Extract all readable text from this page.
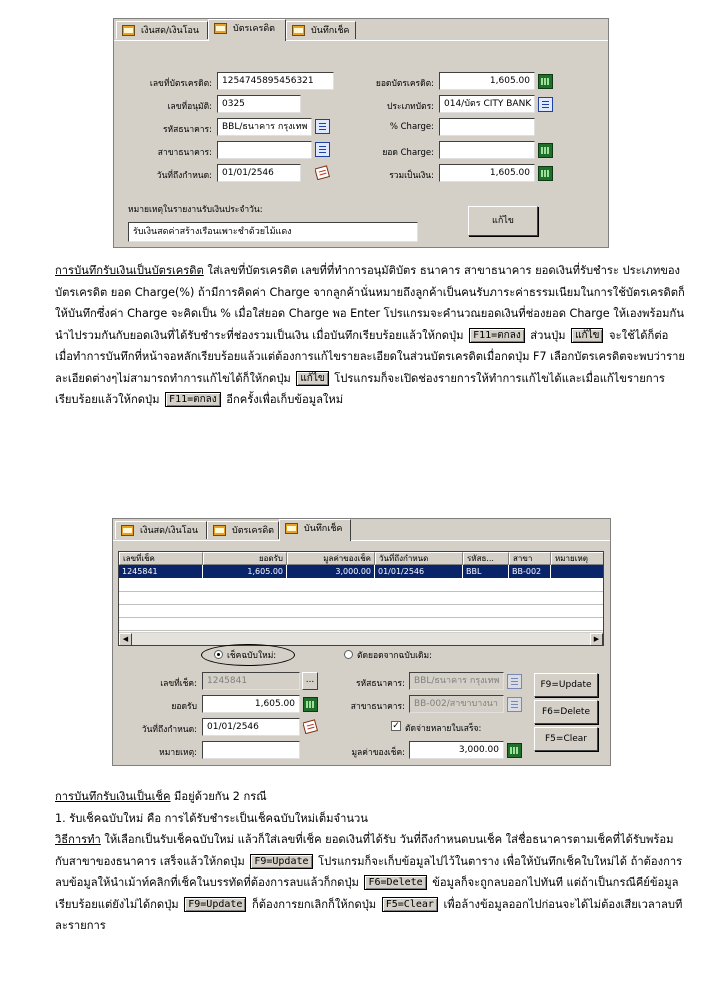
เงินสด/เงินโอน	บัตรเครดิต	บันทึกเช็ค
เลขที่บัตรเครดิต:	1254745895456321
เลขที่อนุมัติ:	0325
รหัสธนาคาร:	BBL/ธนาคาร กรุงเทพ
สาขาธนาคาร:
วันที่ถึงกำหนด:	01/01/2546
ยอดบัตรเครดิต:	1,605.00
ประเภทบัตร:	014/บัตร CITY BANK
% Charge:
ยอด Charge:
รวมเป็นเงิน:	1,605.00
หมายเหตุในรายงานรับเงินประจำวัน:
รับเงินสดค่าสร้างเรือนเพาะชำด้วยไม้แดง
แก้ไข

การบันทึกรับเงินเป็นบัตรเครดิต ใส่เลขที่บัตรเครดิต เลขที่ที่ทำการอนุมัติบัตร ธนาคาร สาขาธนาคาร ยอดเงินที่รับชำระ ประเภทของบัตรเครดิต ยอด Charge(%) ถ้ามีการคิดค่า Charge จากลูกค้านั่นหมายถึงลูกค้าเป็นคนรับภาระค่าธรรมเนียมในการใช้บัตรเครดิตก็ให้บันทึกซึ่งค่า Charge จะคิดเป็น % เมื่อใส่ยอด Charge พอ Enter โปรแกรมจะคำนวณยอดเงินที่ช่องยอด Charge ให้เองพร้อมกันนำไปรวมกันกับยอดเงินที่ได้รับชำระที่ช่องรวมเป็นเงิน เมื่อบันทึกเรียบร้อยแล้วให้กดปุ่ม F11=ตกลง ส่วนปุ่ม แก้ไข จะใช้ได้ก็ต่อเมื่อทำการบันทึกที่หน้าจอหลักเรียบร้อยแล้วแต่ต้องการแก้ไขรายละเอียดในส่วนบัตรเครดิตเมื่อกดปุ่ม F7 เลือกบัตรเครดิตจะพบว่ารายละเอียดต่างๆไม่สามารถทำการแก้ไขได้ก็ให้กดปุ่ม แก้ไข โปรแกรมก็จะเปิดช่องรายการให้ทำการแก้ไขได้และเมื่อแก้ไขรายการเรียบร้อยแล้วให้กดปุ่ม F11=ตกลง อีกครั้งเพื่อเก็บข้อมูลใหม่

เงินสด/เงินโอน	บัตรเครดิต	บันทึกเช็ค
เลขที่เช็ค	ยอดรับ	มูลค่าของเช็ค	วันที่ถึงกำหนด	รหัสธ...	สาขา	หมายเหตุ
1245841	1,605.00	3,000.00 01/01/2546	BBL	BB-002
◀	▶
เช็คฉบับใหม่:	ตัดยอดจากฉบับเดิม:
เลขที่เช็ค:	1245841	...
ยอดรับ	1,605.00
วันที่ถึงกำหนด:	01/01/2546
หมายเหตุ:
รหัสธนาคาร:	BBL/ธนาคาร กรุงเทพ
สาขาธนาคาร:	BB-002/สาขาบางนา
✓ ตัดจ่ายหลายใบเสร็จ:
มูลค่าของเช็ค:	3,000.00
F9=Update
F6=Delete
F5=Clear

การบันทึกรับเงินเป็นเช็ค มีอยู่ด้วยกัน 2 กรณี

1. รับเช็คฉบับใหม่ คือ การได้รับชำระเป็นเช็คฉบับใหม่เต็มจำนวน

วิธีการทำ ให้เลือกเป็นรับเช็คฉบับใหม่ แล้วก็ใส่เลขที่เช็ค ยอดเงินที่ได้รับ วันที่ถึงกำหนดบนเช็ค ใส่ชื่อธนาคารตามเช็คที่ได้รับพร้อมกับสาขาของธนาคาร เสร็จแล้วให้กดปุ่ม F9=Update โปรแกรมก็จะเก็บข้อมูลไปไว้ในตาราง เพื่อให้บันทึกเช็คใบใหม่ได้ ถ้าต้องการลบข้อมูลให้นำเม้าท์คลิกที่เช็คในบรรทัดที่ต้องการลบแล้วก็กดปุ่ม F6=Delete ข้อมูลก็จะถูกลบออกไปทันที แต่ถ้าเป็นกรณีคีย์ข้อมูลเรียบร้อยแต่ยังไม่ได้กดปุ่ม F9=Update ก็ต้องการยกเลิกก็ให้กดปุ่ม F5=Clear เพื่อล้างข้อมูลออกไปก่อนจะได้ไม่ต้องเสียเวลาลบทีละรายการ
